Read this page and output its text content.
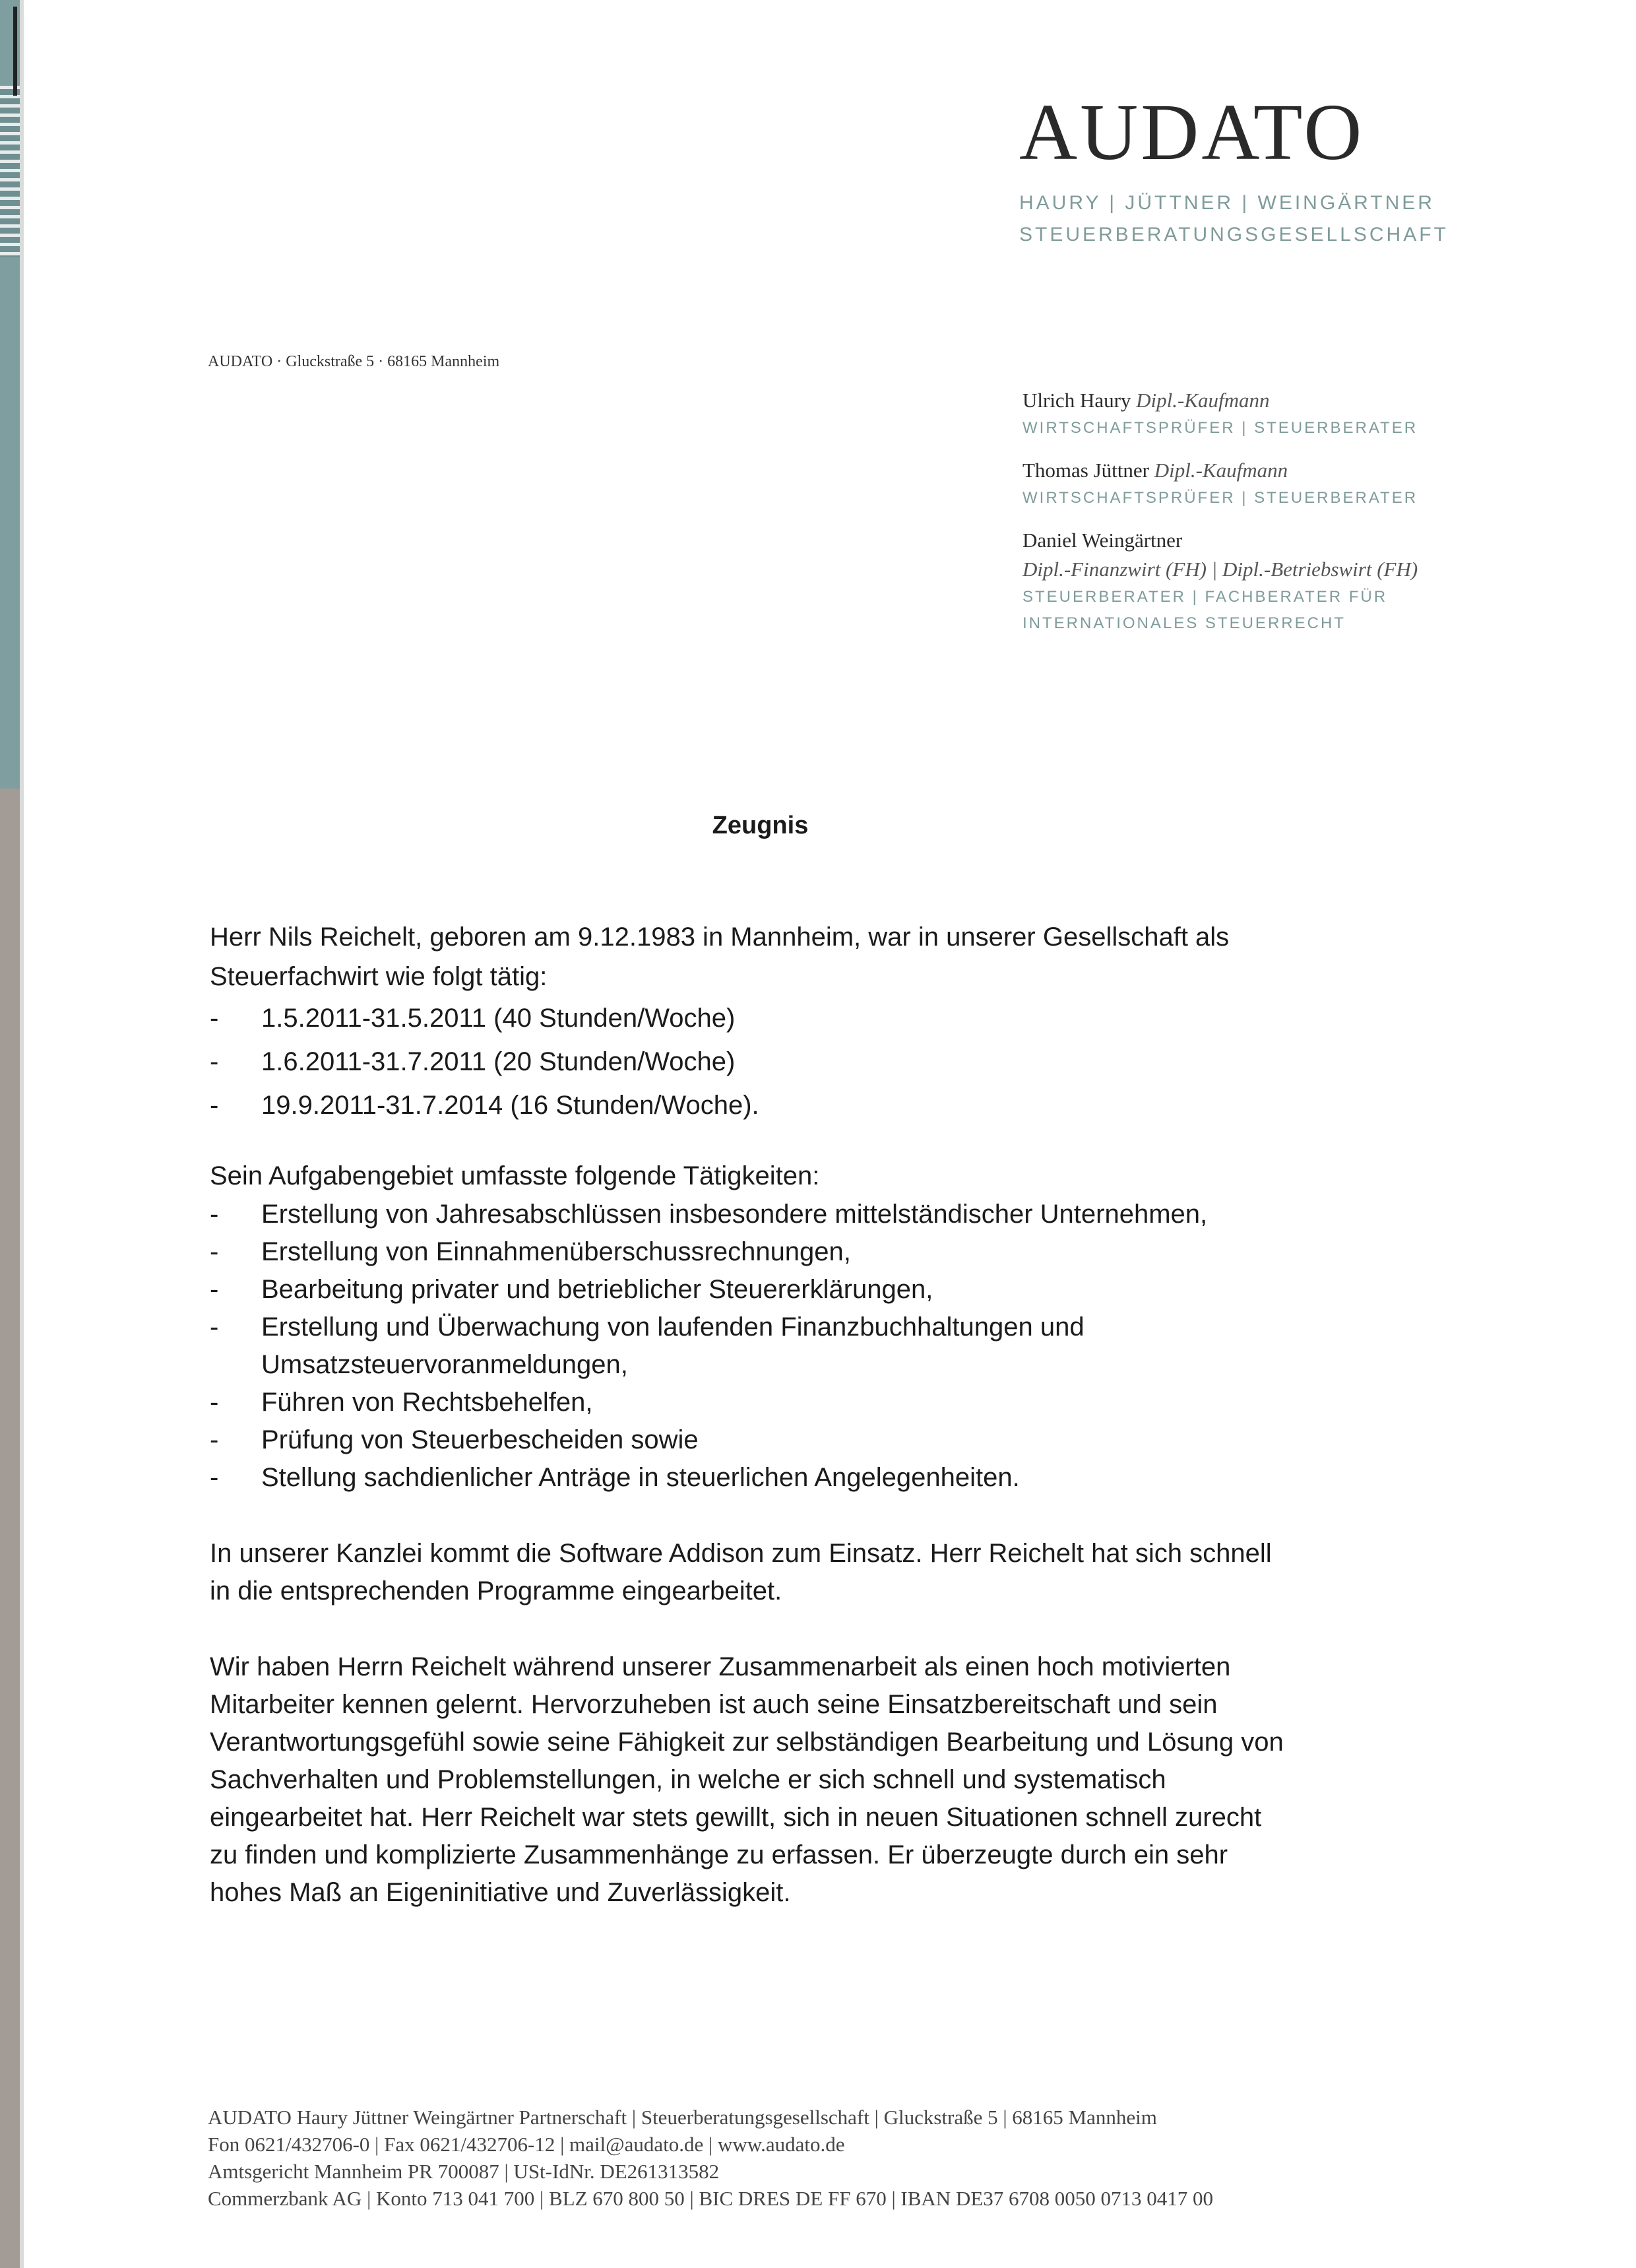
AUDATO
HAURY | JÜTTNER | WEINGÄRTNER
STEUERBERATUNGSGESELLSCHAFT
AUDATO · Gluckstraße 5 · 68165 Mannheim
Ulrich Haury Dipl.-Kaufmann
WIRTSCHAFTSPRÜFER | STEUERBERATER
Thomas Jüttner Dipl.-Kaufmann
WIRTSCHAFTSPRÜFER | STEUERBERATER
Daniel Weingärtner
Dipl.-Finanzwirt (FH) | Dipl.-Betriebswirt (FH)
STEUERBERATER | FACHBERATER FÜR
INTERNATIONALES STEUERRECHT
Zeugnis

Herr Nils Reichelt, geboren am 9.12.1983 in Mannheim, war in unserer Gesellschaft als
Steuerfachwirt wie folgt tätig:

- 1.5.2011-31.5.2011 (40 Stunden/Woche)
- 1.6.2011-31.7.2011 (20 Stunden/Woche)
- 19.9.2011-31.7.2014 (16 Stunden/Woche).

Sein Aufgabengebiet umfasste folgende Tätigkeiten:

- Erstellung von Jahresabschlüssen insbesondere mittelständischer Unternehmen,
- Erstellung von Einnahmenüberschussrechnungen,
- Bearbeitung privater und betrieblicher Steuererklärungen,
- Erstellung und Überwachung von laufenden Finanzbuchhaltungen und
Umsatzsteuervoranmeldungen,
- Führen von Rechtsbehelfen,
- Prüfung von Steuerbescheiden sowie
- Stellung sachdienlicher Anträge in steuerlichen Angelegenheiten.

In unserer Kanzlei kommt die Software Addison zum Einsatz. Herr Reichelt hat sich schnell
in die entsprechenden Programme eingearbeitet.

Wir haben Herrn Reichelt während unserer Zusammenarbeit als einen hoch motivierten
Mitarbeiter kennen gelernt. Hervorzuheben ist auch seine Einsatzbereitschaft und sein
Verantwortungsgefühl sowie seine Fähigkeit zur selbständigen Bearbeitung und Lösung von
Sachverhalten und Problemstellungen, in welche er sich schnell und systematisch
eingearbeitet hat. Herr Reichelt war stets gewillt, sich in neuen Situationen schnell zurecht
zu finden und komplizierte Zusammenhänge zu erfassen. Er überzeugte durch ein sehr
hohes Maß an Eigeninitiative und Zuverlässigkeit.

AUDATO Haury Jüttner Weingärtner Partnerschaft | Steuerberatungsgesellschaft | Gluckstraße 5 | 68165 Mannheim
Fon 0621/432706-0 | Fax 0621/432706-12 | mail@audato.de | www.audato.de
Amtsgericht Mannheim PR 700087 | USt-IdNr. DE261313582
Commerzbank AG | Konto 713 041 700 | BLZ 670 800 50 | BIC DRES DE FF 670 | IBAN DE37 6708 0050 0713 0417 00
